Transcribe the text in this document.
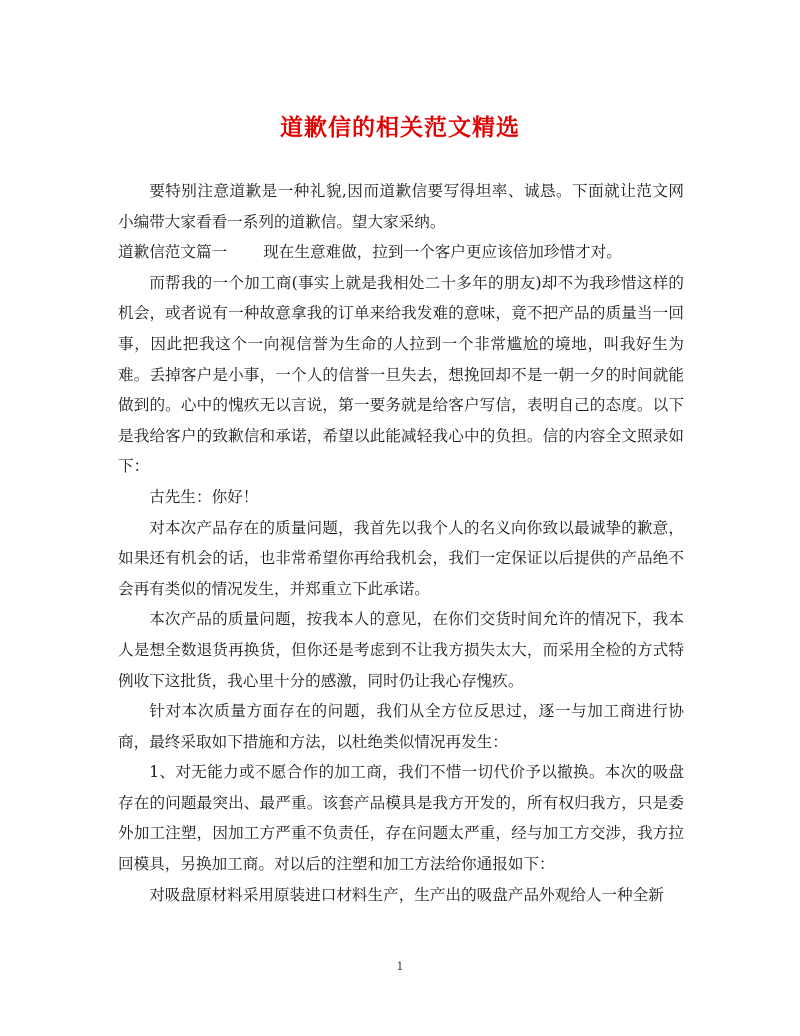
道歉信的相关范文精选

要特别注意道歉是一种礼貌,因而道歉信要写得坦率、诚恳。下面就让范文网小编带大家看看一系列的道歉信。望大家采纳。

道歉信范文篇一 现在生意难做，拉到一个客户更应该倍加珍惜才对。

而帮我的一个加工商(事实上就是我相处二十多年的朋友)却不为我珍惜这样的机会，或者说有一种故意拿我的订单来给我发难的意味，竟不把产品的质量当一回事，因此把我这个一向视信誉为生命的人拉到一个非常尴尬的境地，叫我好生为难。丢掉客户是小事，一个人的信誉一旦失去，想挽回却不是一朝一夕的时间就能做到的。心中的愧疚无以言说，第一要务就是给客户写信，表明自己的态度。以下是我给客户的致歉信和承诺，希望以此能减轻我心中的负担。信的内容全文照录如下：

古先生：你好！

对本次产品存在的质量问题，我首先以我个人的名义向你致以最诚挚的歉意，如果还有机会的话，也非常希望你再给我机会，我们一定保证以后提供的产品绝不会再有类似的情况发生，并郑重立下此承诺。

本次产品的质量问题，按我本人的意见，在你们交货时间允许的情况下，我本人是想全数退货再换货，但你还是考虑到不让我方损失太大，而采用全检的方式特例收下这批货，我心里十分的感激，同时仍让我心存愧疚。

针对本次质量方面存在的问题，我们从全方位反思过，逐一与加工商进行协商，最终采取如下措施和方法，以杜绝类似情况再发生：

1、对无能力或不愿合作的加工商，我们不惜一切代价予以撤换。本次的吸盘存在的问题最突出、最严重。该套产品模具是我方开发的，所有权归我方，只是委外加工注塑，因加工方严重不负责任，存在问题太严重，经与加工方交涉，我方拉回模具，另换加工商。对以后的注塑和加工方法给你通报如下：

对吸盘原材料采用原装进口材料生产，生产出的吸盘产品外观给人一种全新

1
